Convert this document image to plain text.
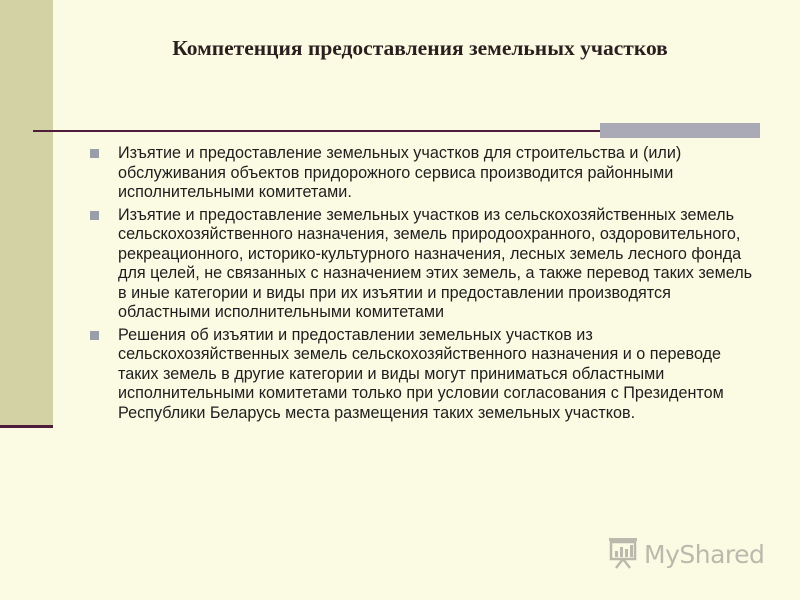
Компетенция предоставления земельных участков
Изъятие и предоставление земельных участков для строительства и (или) обслуживания объектов придорожного сервиса производится районными исполнительными комитетами.
Изъятие и предоставление земельных участков из сельскохозяйственных земель сельскохозяйственного назначения, земель природоохранного, оздоровительного, рекреационного, историко-культурного назначения, лесных земель лесного фонда для целей, не связанных с назначением этих земель, а также перевод таких земель в иные категории и виды при их изъятии и предоставлении производятся областными исполнительными комитетами
Решения об изъятии и предоставлении земельных участков из сельскохозяйственных земель сельскохозяйственного назначения и о переводе таких земель в другие категории и виды могут приниматься областными исполнительными комитетами только при условии согласования с Президентом Республики Беларусь места размещения таких земельных участков.
MyShared
